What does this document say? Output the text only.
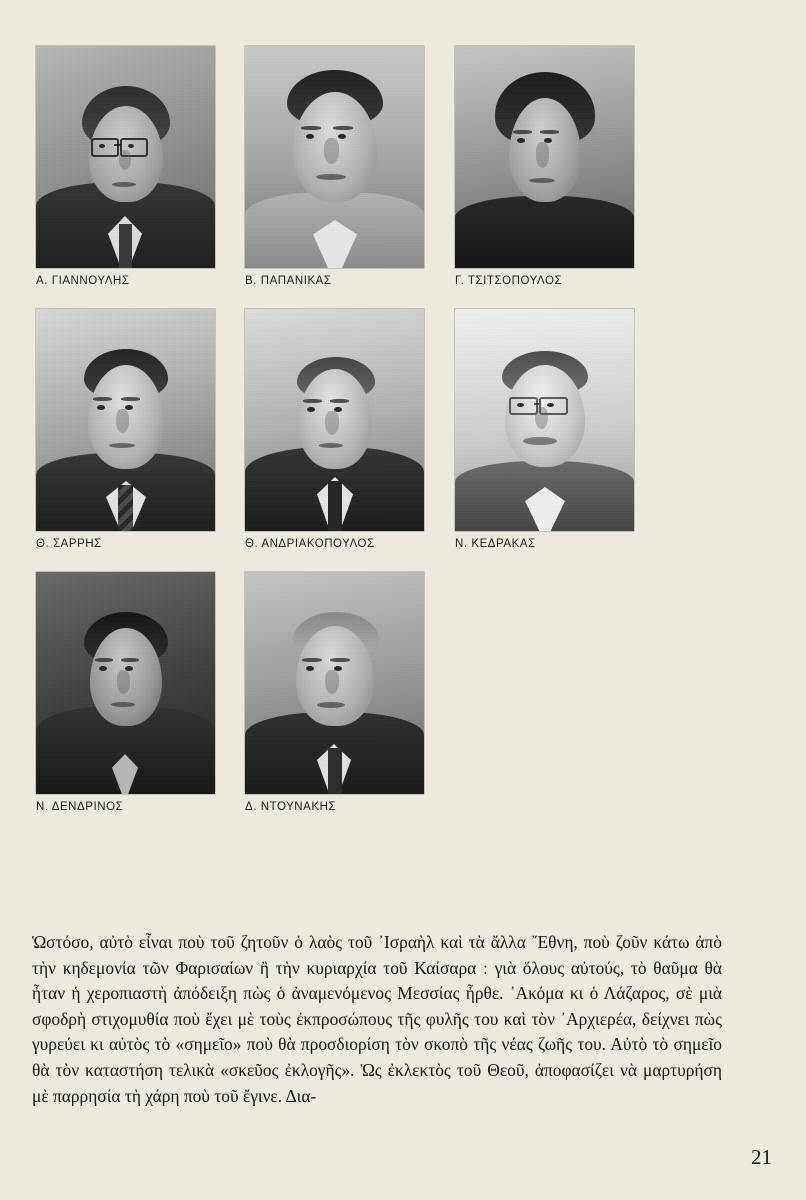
Α. ΓΙΑΝΝΟΥΛΗΣ	Β. ΠΑΠΑΝΙΚΑΣ	Γ. ΤΣΙΤΣΟΠΟΥΛΟΣ
Θ. ΣΑΡΡΗΣ	Θ. ΑΝΔΡΙΑΚΟΠΟΥΛΟΣ	Ν. ΚΕΔΡΑΚΑΣ
Ν. ΔΕΝΔΡΙΝΟΣ	Δ. ΝΤΟΥΝΑΚΗΣ

Ὡστόσο, αὐτὸ εἶναι ποὺ τοῦ ζητοῦν ὁ λαὸς τοῦ ᾿Ισραὴλ καὶ τὰ ἄλλα ῎Εθνη, ποὺ ζοῦν κάτω ἀπὸ τὴν κηδεμονία τῶν Φαρισαίων ἢ τὴν κυριαρχία τοῦ Καίσαρα : γιὰ ὅλους αὐτούς, τὸ θαῦμα θὰ ἦταν ἡ χεροπιαστὴ ἀπόδειξη πὼς ὁ ἀναμενόμενος Μεσσίας ἦρθε. ᾿Ακόμα κι ὁ Λάζαρος, σὲ μιὰ σφοδρὴ στιχομυθία ποὺ ἔχει μὲ τοὺς ἐκπροσώπους τῆς φυλῆς του καὶ τὸν ᾿Αρχιερέα, δείχνει πὼς γυρεύει κι αὐτὸς τὸ «σημεῖο» ποὺ θὰ προσδιορίση τὸν σκοπὸ τῆς νέας ζωῆς του. Αὐτὸ τὸ σημεῖο θὰ τὸν καταστήση τελικὰ «σκεῦος ἐκλογῆς». Ὡς ἐκλεκτὸς τοῦ Θεοῦ, ἀποφασίζει νὰ μαρτυρήση μὲ παρρησία τὴ χάρη ποὺ τοῦ ἔγινε. Δια-

21
